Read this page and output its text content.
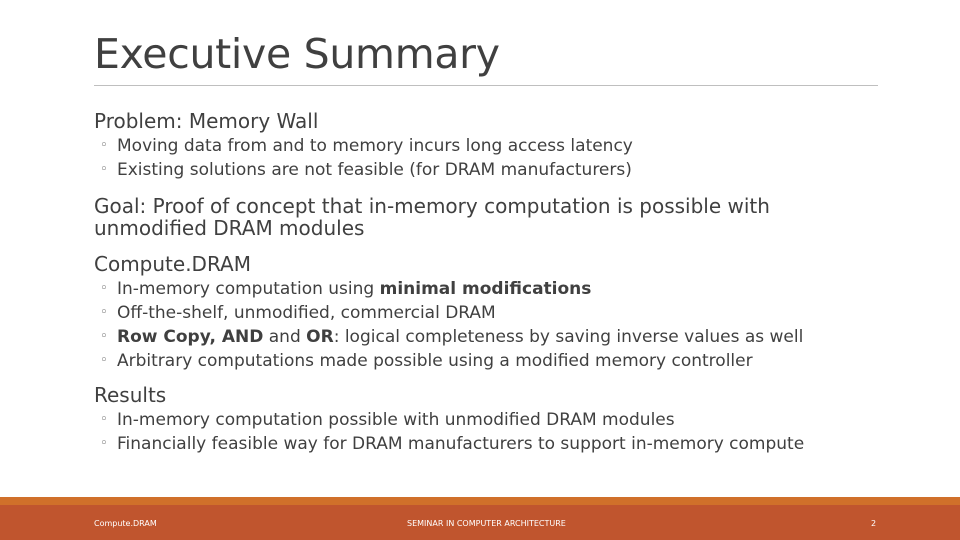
Executive Summary
Problem: Memory Wall
◦ Moving data from and to memory incurs long access latency
◦ Existing solutions are not feasible (for DRAM manufacturers)
Goal: Proof of concept that in-memory computation is possible with unmodified DRAM modules
Compute.DRAM
◦ In-memory computation using minimal modifications
◦ Off-the-shelf, unmodified, commercial DRAM
◦ Row Copy, AND and OR: logical completeness by saving inverse values as well
◦ Arbitrary computations made possible using a modified memory controller
Results
◦ In-memory computation possible with unmodified DRAM modules
◦ Financially feasible way for DRAM manufacturers to support in-memory compute
Compute.DRAM	SEMINAR IN COMPUTER ARCHITECTURE	2
